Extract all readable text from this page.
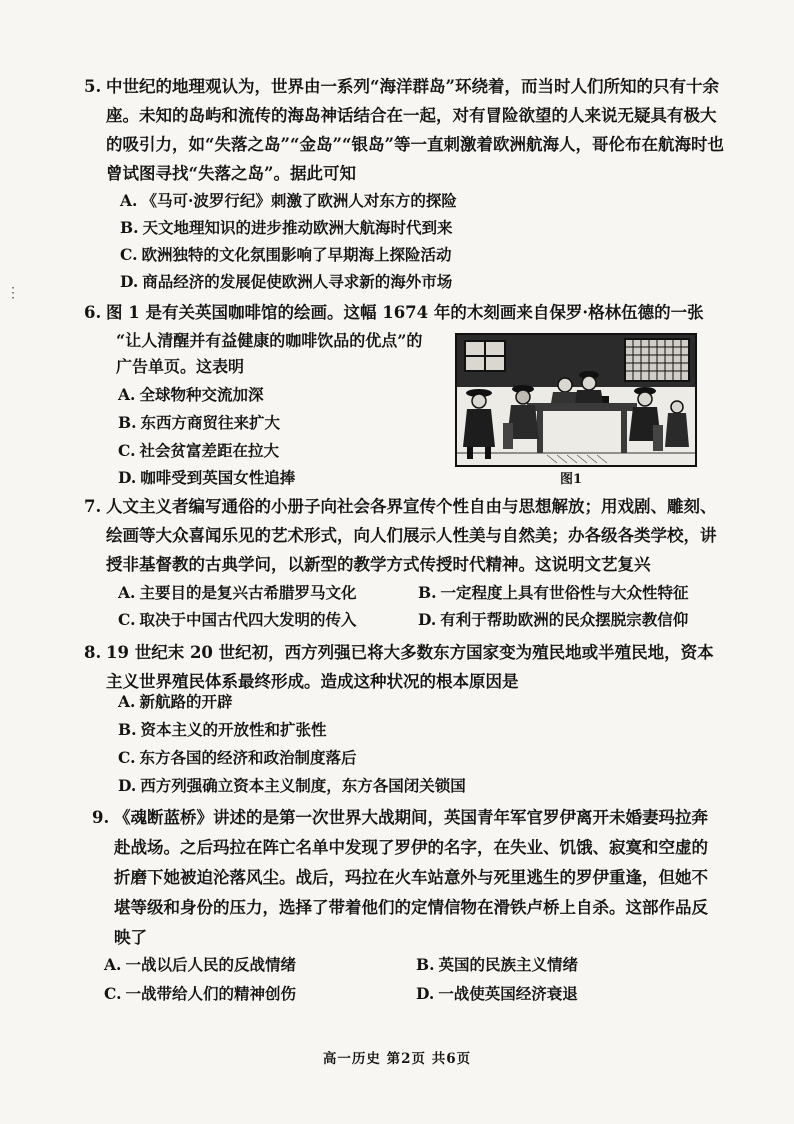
⋮
5. 中世纪的地理观认为，世界由一系列“海洋群岛”环绕着，而当时人们所知的只有十余座。未知的岛屿和流传的海岛神话结合在一起，对有冒险欲望的人来说无疑具有极大的吸引力，如“失落之岛”“金岛”“银岛”等一直刺激着欧洲航海人，哥伦布在航海时也曾试图寻找“失落之岛”。据此可知
A. 《马可·波罗行纪》刺激了欧洲人对东方的探险
B. 天文地理知识的进步推动欧洲大航海时代到来
C. 欧洲独特的文化氛围影响了早期海上探险活动
D. 商品经济的发展促使欧洲人寻求新的海外市场
6. 图 1 是有关英国咖啡馆的绘画。这幅 1674 年的木刻画来自保罗·格林伍德的一张
“让人清醒并有益健康的咖啡饮品的优点”的
广告单页。这表明
A. 全球物种交流加深
B. 东西方商贸往来扩大
C. 社会贫富差距在拉大
D. 咖啡受到英国女性追捧	图1
7. 人文主义者编写通俗的小册子向社会各界宣传个性自由与思想解放；用戏剧、雕刻、绘画等大众喜闻乐见的艺术形式，向人们展示人性美与自然美；办各级各类学校，讲授非基督教的古典学问，以新型的教学方式传授时代精神。这说明文艺复兴
A. 主要目的是复兴古希腊罗马文化	B. 一定程度上具有世俗性与大众性特征
C. 取决于中国古代四大发明的传入	D. 有利于帮助欧洲的民众摆脱宗教信仰
8. 19 世纪末 20 世纪初，西方列强已将大多数东方国家变为殖民地或半殖民地，资本主义世界殖民体系最终形成。造成这种状况的根本原因是
A. 新航路的开辟
B. 资本主义的开放性和扩张性
C. 东方各国的经济和政治制度落后
D. 西方列强确立资本主义制度，东方各国闭关锁国
9. 《魂断蓝桥》讲述的是第一次世界大战期间，英国青年军官罗伊离开未婚妻玛拉奔赴战场。之后玛拉在阵亡名单中发现了罗伊的名字，在失业、饥饿、寂寞和空虚的折磨下她被迫沦落风尘。战后，玛拉在火车站意外与死里逃生的罗伊重逢，但她不堪等级和身份的压力，选择了带着他们的定情信物在滑铁卢桥上自杀。这部作品反映了
A. 一战以后人民的反战情绪	B. 英国的民族主义情绪
C. 一战带给人们的精神创伤	D. 一战使英国经济衰退
高一历史 第2页 共6页
